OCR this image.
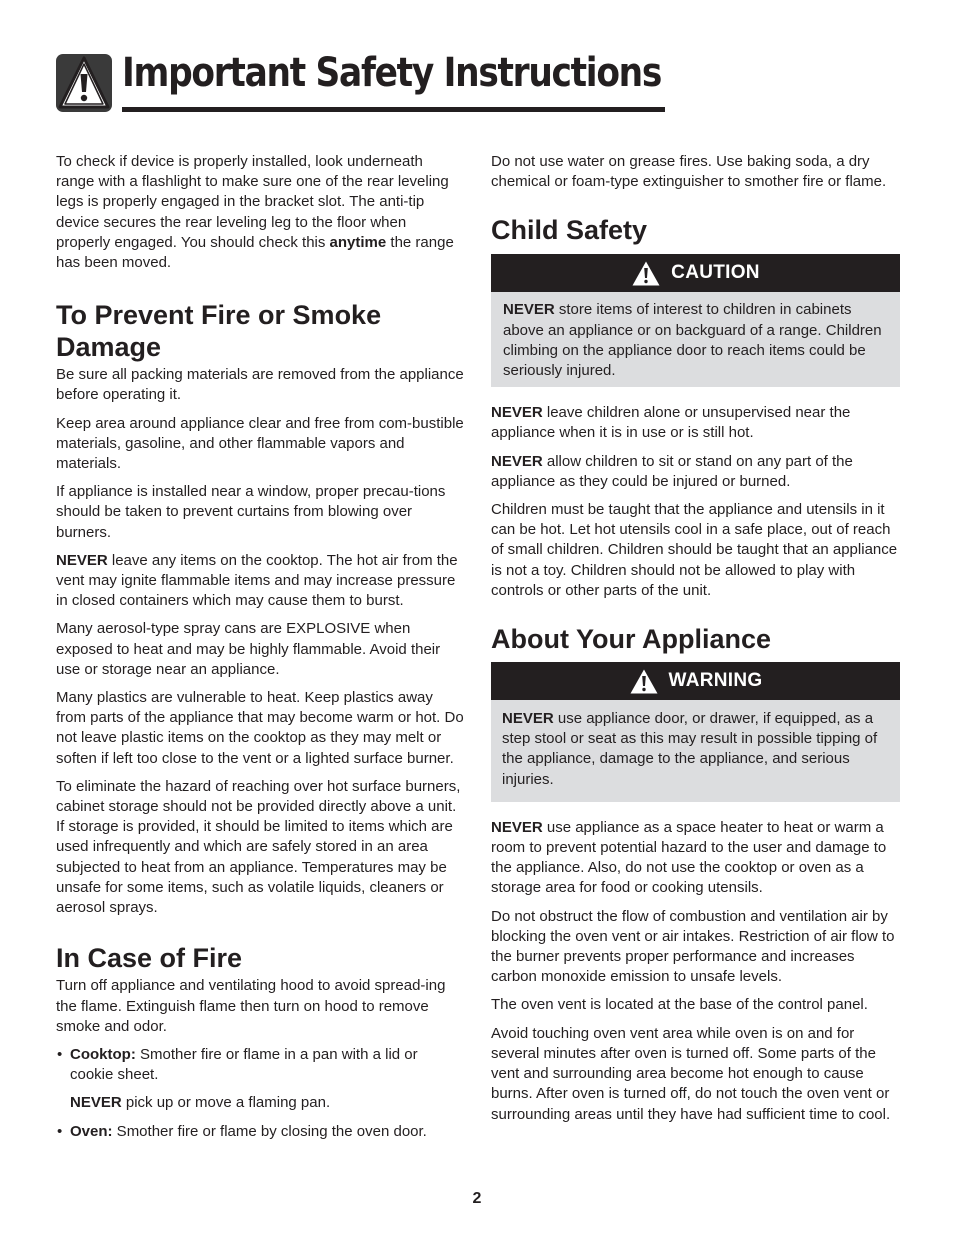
Important Safety Instructions

To check if device is properly installed, look underneath range with a flashlight to make sure one of the rear leveling legs is properly engaged in the bracket slot. The anti-tip device secures the rear leveling leg to the floor when properly engaged. You should check this anytime the range has been moved.

To Prevent Fire or Smoke Damage

Be sure all packing materials are removed from the appliance before operating it.

Keep area around appliance clear and free from com-bustible materials, gasoline, and other flammable vapors and materials.

If appliance is installed near a window, proper precau-tions should be taken to prevent curtains from blowing over burners.

NEVER leave any items on the cooktop. The hot air from the vent may ignite flammable items and may increase pressure in closed containers which may cause them to burst.

Many aerosol-type spray cans are EXPLOSIVE when exposed to heat and may be highly flammable. Avoid their use or storage near an appliance.

Many plastics are vulnerable to heat. Keep plastics away from parts of the appliance that may become warm or hot. Do not leave plastic items on the cooktop as they may melt or soften if left too close to the vent or a lighted surface burner.

To eliminate the hazard of reaching over hot surface burners, cabinet storage should not be provided directly above a unit. If storage is provided, it should be limited to items which are used infrequently and which are safely stored in an area subjected to heat from an appliance. Temperatures may be unsafe for some items, such as volatile liquids, cleaners or aerosol sprays.

In Case of Fire

Turn off appliance and ventilating hood to avoid spread-ing the flame. Extinguish flame then turn on hood to remove smoke and odor.

• Cooktop: Smother fire or flame in a pan with a lid or cookie sheet.

NEVER pick up or move a flaming pan.

• Oven: Smother fire or flame by closing the oven door.

Do not use water on grease fires. Use baking soda, a dry chemical or foam-type extinguisher to smother fire or flame.

Child Safety
CAUTION

NEVER store items of interest to children in cabinets above an appliance or on backguard of a range. Children climbing on the appliance door to reach items could be seriously injured.

NEVER leave children alone or unsupervised near the appliance when it is in use or is still hot.

NEVER allow children to sit or stand on any part of the appliance as they could be injured or burned.

Children must be taught that the appliance and utensils in it can be hot. Let hot utensils cool in a safe place, out of reach of small children. Children should be taught that an appliance is not a toy. Children should not be allowed to play with controls or other parts of the unit.

About Your Appliance
WARNING

NEVER use appliance door, or drawer, if equipped, as a step stool or seat as this may result in possible tipping of the appliance, damage to the appliance, and serious injuries.

NEVER use appliance as a space heater to heat or warm a room to prevent potential hazard to the user and damage to the appliance. Also, do not use the cooktop or oven as a storage area for food or cooking utensils.

Do not obstruct the flow of combustion and ventilation air by blocking the oven vent or air intakes. Restriction of air flow to the burner prevents proper performance and increases carbon monoxide emission to unsafe levels.

The oven vent is located at the base of the control panel.

Avoid touching oven vent area while oven is on and for several minutes after oven is turned off. Some parts of the vent and surrounding area become hot enough to cause burns. After oven is turned off, do not touch the oven vent or surrounding areas until they have had sufficient time to cool.

2
